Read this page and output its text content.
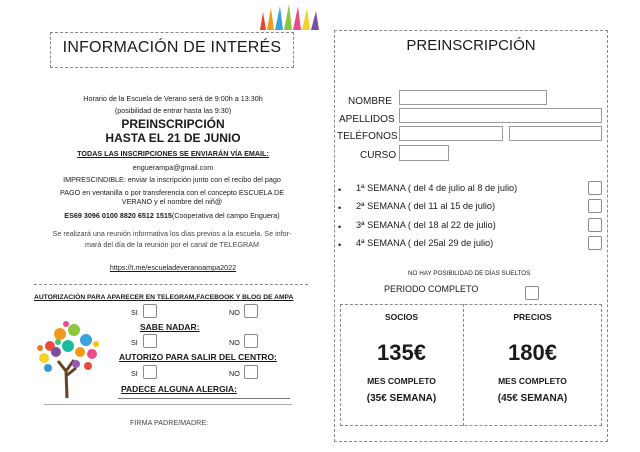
INFORMACIÓN DE INTERÉS
Horario de la Escuela de Verano será de 9:00h a 13:30h
(posibilidad de entrar hasta las 9:30)
PREINSCRIPCIÓN
HASTA EL 21 DE JUNIO
TODAS LAS INSCRIPCIONES SE ENVIARÁN VÍA EMAIL:
enguerampa@gmail.com
IMPRESCINDIBLE: enviar la inscripción junto con el recibo del pago
PAGO en ventanilla o por transferencia con el concepto ESCUELA DE
VERANO y el nombre del niñ@
ES69 3096 0100 8820 6512 1515(Cooperativa del campo Enguera)
Se realizará una reunión informativa los días previos a la escuela. Se infor-
mará del día de la reunión por el canal de TELEGRAM
https://t.me/escueladeveranoampa2022
AUTORIZACIÓN PARA APARECER EN TELEGRAM,FACEBOOK Y BLOG DE AMPA
SI	NO
SABE NADAR:
SI	NO
AUTORIZO PARA SALIR DEL CENTRO:
SI	NO
PADECE ALGUNA ALERGIA:
FIRMA PADRE/MADRE:
PREINSCRIPCIÓN
NOMBRE
APELLIDOS
TELÉFONOS
CURSO
• 1ª SEMANA ( del 4 de julio al 8 de julio)
• 2ª SEMANA ( del 11 al 15 de julio)
• 3ª SEMANA ( del 18 al 22 de julio)
• 4ª SEMANA ( del 25al 29 de julio)
NO HAY POSIBILIDAD DE DÍAS SUELTOS
PERIODO COMPLETO
SOCIOS	PRECIOS
135€	180€
MES COMPLETO	MES COMPLETO
(35€ SEMANA)	(45€ SEMANA)
